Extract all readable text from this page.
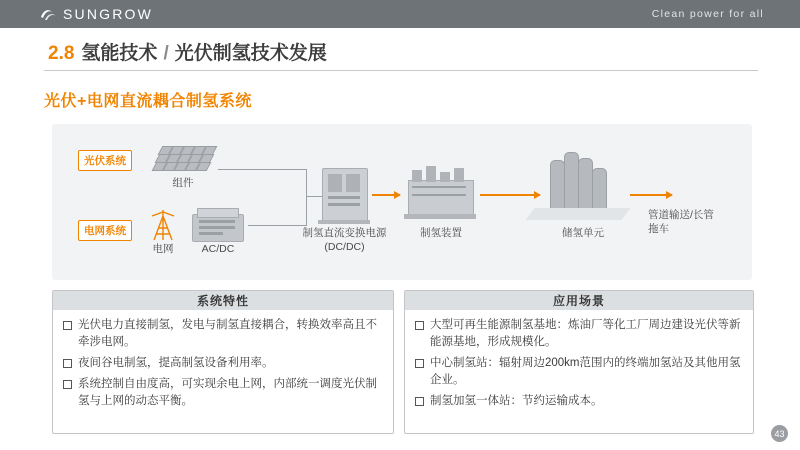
SUNGROW	Clean power for all
2.8 氢能技术 / 光伏制氢技术发展
光伏+电网直流耦合制氢系统
光伏系统
电网系统
组件
电网	AC/DC
制氢直流变换电源
(DC/DC)
制氢装置	储氢单元
管道输送/长管
拖车
系统特性
光伏电力直接制氢，发电与制氢直接耦合，转换效率高且不牵涉电网。
夜间谷电制氢，提高制氢设备利用率。
系统控制自由度高，可实现余电上网，内部统一调度光伏制氢与上网的动态平衡。
应用场景
大型可再生能源制氢基地：炼油厂等化工厂周边建设光伏等新能源基地，形成规模化。
中心制氢站：辐射周边200km范围内的终端加氢站及其他用氢企业。
制氢加氢一体站：节约运输成本。
43
